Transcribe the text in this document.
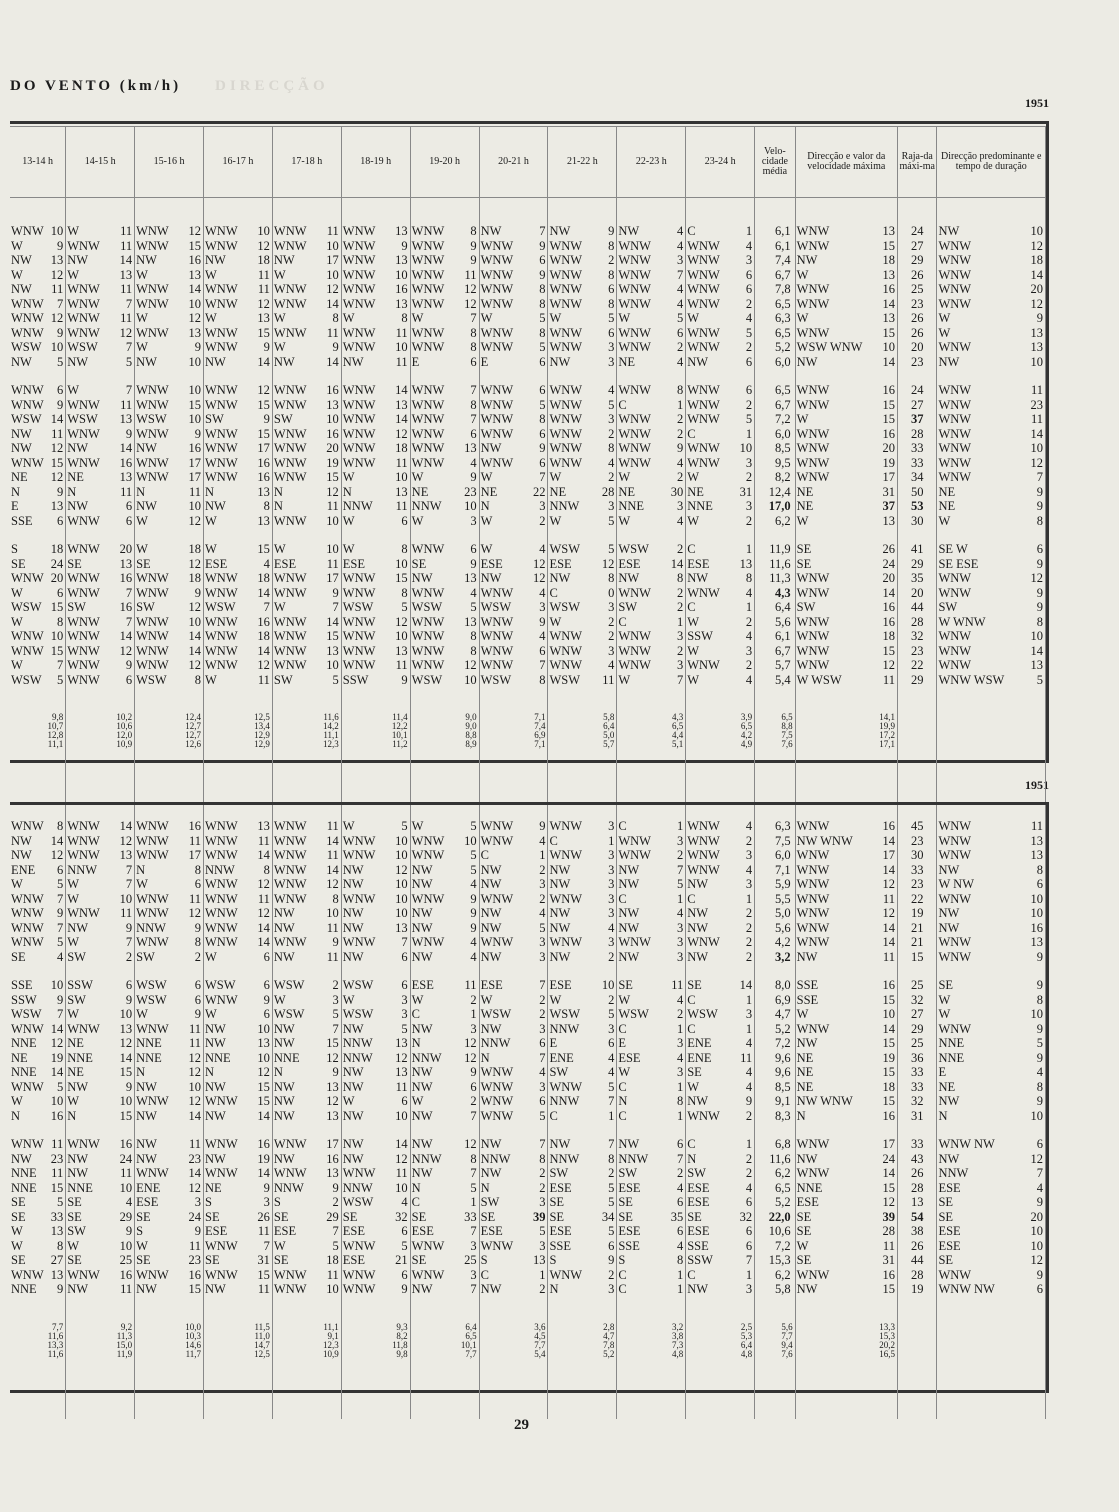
DO VENTO (km/h) DIRECÇÃO
1951
1951

13-14 h	14-15 h	15-16 h	16-17 h	17-18 h	18-19 h	19-20 h	20-21 h	21-22 h	22-23 h	23-24 h	Velo-cidade média	Direcção e valor da velocidade máxima	Raja-da máxi-ma	Direcção predominante e tempo de duração

WNW 10	W 11	WNW 12	WNW 10	WNW 11	WNW 13	WNW 8	NW 7	NW 9	NW 4	C 1	6,1	WNW 13	24	NW 10

W 9	WNW 11	WNW 15	WNW 12	WNW 10	WNW 9	WNW 9	WNW 9	WNW 8	WNW 4	WNW 4	6,1	WNW 15	27	WNW 12

NW 13	NW 14	NW 16	NW 18	NW 17	WNW 13	WNW 9	WNW 6	WNW 2	WNW 3	WNW 3	7,4	NW 18	29	WNW 18

W 12	W 13	W 13	W 11	W 10	WNW 10	WNW 11	WNW 9	WNW 8	WNW 7	WNW 6	6,7	W 13	26	WNW 14

NW 11	WNW 11	WNW 14	WNW 11	WNW 12	WNW 16	WNW 12	WNW 8	WNW 6	WNW 4	WNW 6	7,8	WNW 16	25	WNW 20

WNW 7	WNW 7	WNW 10	WNW 12	WNW 14	WNW 13	WNW 12	WNW 8	WNW 8	WNW 4	WNW 2	6,5	WNW 14	23	WNW 12

WNW 12	WNW 11	W 12	W 13	W 8	W 8	W 7	W 5	W 5	W 5	W 4	6,3	W 13	26	W 9

WNW 9	WNW 12	WNW 13	WNW 15	WNW 11	WNW 11	WNW 8	WNW 8	WNW 6	WNW 6	WNW 5	6,5	WNW 15	26	W 13

WSW 10	WSW 7	W 9	WNW 9	W 9	WNW 10	WNW 8	WNW 5	WNW 3	WNW 2	WNW 2	5,2	WSW WNW 10	20	WNW 13

NW 5	NW 5	NW 10	NW 14	NW 14	NW 11	E 6	E 6	NW 3	NE 4	NW 6	6,0	NW 14	23	NW 10

WNW 6	W 7	WNW 10	WNW 12	WNW 16	WNW 14	WNW 7	WNW 6	WNW 4	WNW 8	WNW 6	6,5	WNW 16	24	WNW 11

WNW 9	WNW 11	WNW 15	WNW 15	WNW 13	WNW 13	WNW 8	WNW 5	WNW 5	C 1	WNW 2	6,7	WNW 15	27	WNW 23

WSW 14	WSW 13	WSW 10	SW 9	SW 10	WNW 14	WNW 7	WNW 8	WNW 3	WNW 2	WNW 5	7,2	W 15	37	WNW 11

NW 11	WNW 9	WNW 9	WNW 15	WNW 16	WNW 12	WNW 6	WNW 6	WNW 2	WNW 2	C 1	6,0	WNW 16	28	WNW 14

NW 12	NW 14	NW 16	WNW 17	WNW 20	WNW 18	WNW 13	NW 9	WNW 8	WNW 9	WNW 10	8,5	WNW 20	33	WNW 10

WNW 15	WNW 16	WNW 17	WNW 16	WNW 19	WNW 11	WNW 4	WNW 6	WNW 4	WNW 4	WNW 3	9,5	WNW 19	33	WNW 12

NE 12	NE 13	WNW 17	WNW 16	WNW 15	W 10	W 9	W 7	W 2	W 2	W 2	8,2	WNW 17	34	WNW 7

N 9	N 11	N 11	N 13	N 12	N 13	NE 23	NE 22	NE 28	NE 30	NE 31	12,4	NE 31	50	NE 9

E 13	NW 6	NW 10	NW 8	N 11	NNW 11	NNW 10	N 3	NNW 3	NNE 3	NNE 3	17,0	NE 37	53	NE 9

SSE 6	WNW 6	W 12	W 13	WNW 10	W 6	W 3	W 2	W 5	W 4	W 2	6,2	W 13	30	W 8

S 18	WNW 20	W 18	W 15	W 10	W 8	WNW 6	W 4	WSW 5	WSW 2	C 1	11,9	SE 26	41	SE W 6

SE 24	SE 13	SE 12	ESE 4	ESE 11	ESE 10	SE 9	ESE 12	ESE 12	ESE 14	ESE 13	11,6	SE 24	29	SE ESE 9

WNW 20	WNW 16	WNW 18	WNW 18	WNW 17	WNW 15	NW 13	NW 12	NW 8	NW 8	NW 8	11,3	WNW 20	35	WNW 12

W 6	WNW 7	WNW 9	WNW 14	WNW 9	WNW 8	WNW 4	WNW 4	C 0	WNW 2	WNW 4	4,3	WNW 14	20	WNW 9

WSW 15	SW 16	SW 12	WSW 7	W 7	WSW 5	WSW 5	WSW 3	WSW 3	SW 2	C 1	6,4	SW 16	44	SW 9

W 8	WNW 7	WNW 10	WNW 16	WNW 14	WNW 12	WNW 13	WNW 9	W 2	C 1	W 2	5,6	WNW 16	28	W WNW 8

WNW 10	WNW 14	WNW 14	WNW 18	WNW 15	WNW 10	WNW 8	WNW 4	WNW 2	WNW 3	SSW 4	6,1	WNW 18	32	WNW 10

WNW 15	WNW 12	WNW 14	WNW 14	WNW 13	WNW 13	WNW 8	WNW 6	WNW 3	WNW 2	W 3	6,7	WNW 15	23	WNW 14

W 7	WNW 9	WNW 12	WNW 12	WNW 10	WNW 11	WNW 12	WNW 7	WNW 4	WNW 3	WNW 2	5,7	WNW 12	22	WNW 13

WSW 5	WNW 6	WSW 8	W 11	SW 5	SSW 9	WSW 10	WSW 8	WSW 11	W 7	W 4	5,4	W WSW 11	29	WNW WSW 5

9,8	10,2	12,4	12,5	11,6	11,4	9,0	7,1	5,8	4,3	3,9	6,5	14,1		
10,7	10,6	12,7	13,4	14,2	12,2	9,0	7,4	6,4	6,5	6,5	8,8	19,9		
12,8	12,0	12,7	12,9	11,1	10,1	8,8	6,9	5,0	4,4	4,2	7,5	17,2		
11,1	10,9	12,6	12,9	12,3	11,2	8,9	7,1	5,7	5,1	4,9	7,6	17,1		

WNW 8	WNW 14	WNW 16	WNW 13	WNW 11	W 5	W 5	WNW 9	WNW 3	C 1	WNW 4	6,3	WNW 16	45	WNW 11

NW 14	WNW 12	WNW 11	WNW 11	WNW 14	WNW 10	WNW 10	WNW 4	C 1	WNW 3	WNW 2	7,5	NW WNW 14	23	WNW 13

NW 12	WNW 13	WNW 17	WNW 14	WNW 11	WNW 10	WNW 5	C 1	WNW 3	WNW 2	WNW 3	6,0	WNW 17	30	WNW 13

ENE 6	NNW 7	N 8	NNW 8	WNW 14	NW 12	NW 5	NW 2	NW 3	NW 7	WNW 4	7,1	WNW 14	33	NW 8

W 5	W 7	W 6	WNW 12	WNW 12	NW 10	NW 4	NW 3	NW 3	NW 5	NW 3	5,9	WNW 12	23	W NW 6

WNW 7	W 10	WNW 11	WNW 11	WNW 8	WNW 10	WNW 9	WNW 2	WNW 3	C 1	C 1	5,5	WNW 11	22	WNW 10

WNW 9	WNW 11	WNW 12	WNW 12	NW 10	NW 10	NW 9	NW 4	NW 3	NW 4	NW 2	5,0	WNW 12	19	NW 10

WNW 7	NW 9	NNW 9	WNW 14	NW 11	NW 13	NW 9	NW 5	NW 4	NW 3	NW 2	5,6	WNW 14	21	NW 16

WNW 5	W 7	WNW 8	WNW 14	WNW 9	WNW 7	WNW 4	WNW 3	WNW 3	WNW 3	WNW 2	4,2	WNW 14	21	WNW 13

SE 4	SW 2	SW 2	W 6	NW 11	NW 6	NW 4	NW 3	NW 2	NW 3	NW 2	3,2	NW 11	15	WNW 9

SSE 10	SSW 6	WSW 6	WSW 6	WSW 2	WSW 6	ESE 11	ESE 7	ESE 10	SE 11	SE 14	8,0	SSE 16	25	SE 9

SSW 9	SW 9	WSW 6	WNW 9	W 3	W 3	W 2	W 2	W 2	W 4	C 1	6,9	SSE 15	32	W 8

WSW 7	W 10	W 9	W 6	WSW 5	WSW 3	C 1	WSW 2	WSW 5	WSW 2	WSW 3	4,7	W 10	27	W 10

WNW 14	WNW 13	WNW 11	NW 10	NW 7	NW 5	NW 3	NW 3	NNW 3	C 1	C 1	5,2	WNW 14	29	WNW 9

NNE 12	NE 12	NNE 11	NW 13	NW 15	NNW 13	N 12	NNW 6	E 6	E 3	ENE 4	7,2	NW 15	25	NNE 5

NE 19	NNE 14	NNE 12	NNE 10	NNE 12	NNW 12	NNW 12	N 7	ENE 4	ESE 4	ENE 11	9,6	NE 19	36	NNE 9

NNE 14	NE 15	N 12	N 12	N 9	NW 13	NW 9	WNW 4	SW 4	W 3	SE 4	9,6	NE 15	33	E 4

WNW 5	NW 9	NW 10	NW 15	NW 13	NW 11	NW 6	WNW 3	WNW 5	C 1	W 4	8,5	NE 18	33	NE 8

W 10	W 10	WNW 12	WNW 15	NW 12	W 6	W 2	WNW 6	NNW 7	N 8	NW 9	9,1	NW WNW 15	32	NW 9

N 16	N 15	NW 14	NW 14	NW 13	NW 10	NW 7	WNW 5	C 1	C 1	WNW 2	8,3	N 16	31	N 10

WNW 11	WNW 16	NW 11	WNW 16	WNW 17	NW 14	NW 12	NW 7	NW 7	NW 6	C 1	6,8	WNW 17	33	WNW NW 6

NW 23	NW 24	NW 23	NW 19	NW 16	NW 12	NNW 8	NNW 8	NNW 8	NNW 7	N 2	11,6	NW 24	43	NW 12

NNE 11	NW 11	WNW 14	WNW 14	WNW 13	WNW 11	NW 7	NW 2	SW 2	SW 2	SW 2	6,2	WNW 14	26	NNW 7

NNE 15	NNE 10	ENE 12	NE 9	NNW 9	NNW 10	N 5	N 2	ESE 5	ESE 4	ESE 4	6,5	NNE 15	28	ESE 4

SE 5	SE 4	ESE 3	S 3	S 2	WSW 4	C 1	SW 3	SE 5	SE 6	ESE 6	5,2	ESE 12	13	SE 9

SE 33	SE 29	SE 24	SE 26	SE 29	SE 32	SE 33	SE 39	SE 34	SE 35	SE 32	22,0	SE 39	54	SE 20

W 13	SW 9	S 9	ESE 11	ESE 7	ESE 6	ESE 7	ESE 5	ESE 5	ESE 6	ESE 6	10,6	SE 28	38	ESE 10

W 8	W 10	W 11	WNW 7	W 5	WNW 5	WNW 3	WNW 3	SSE 6	SSE 4	SSE 6	7,2	W 11	26	ESE 10

SE 27	SE 25	SE 23	SE 31	SE 18	ESE 21	SE 25	S 13	S 9	S 8	SSW 7	15,3	SE 31	44	SE 12

WNW 13	WNW 16	WNW 16	WNW 15	WNW 11	WNW 6	WNW 3	C 1	WNW 2	C 1	C 1	6,2	WNW 16	28	WNW 9

NNE 9	NW 11	NW 15	NW 11	WNW 10	WNW 9	NW 7	NW 2	N 3	C 1	NW 3	5,8	NW 15	19	WNW NW 6

7,7	9,2	10,0	11,5	11,1	9,3	6,4	3,6	2,8	3,2	2,5	5,6	13,3		
11,6	11,3	10,3	11,0	9,1	8,2	6,5	4,5	4,7	3,8	5,3	7,7	15,3		
13,3	15,0	14,6	14,7	12,3	11,8	10,1	7,7	7,8	7,3	6,4	9,4	20,2		
11,6	11,9	11,7	12,5	10,9	9,8	7,7	5,4	5,2	4,8	4,8	7,6	16,5		

29
